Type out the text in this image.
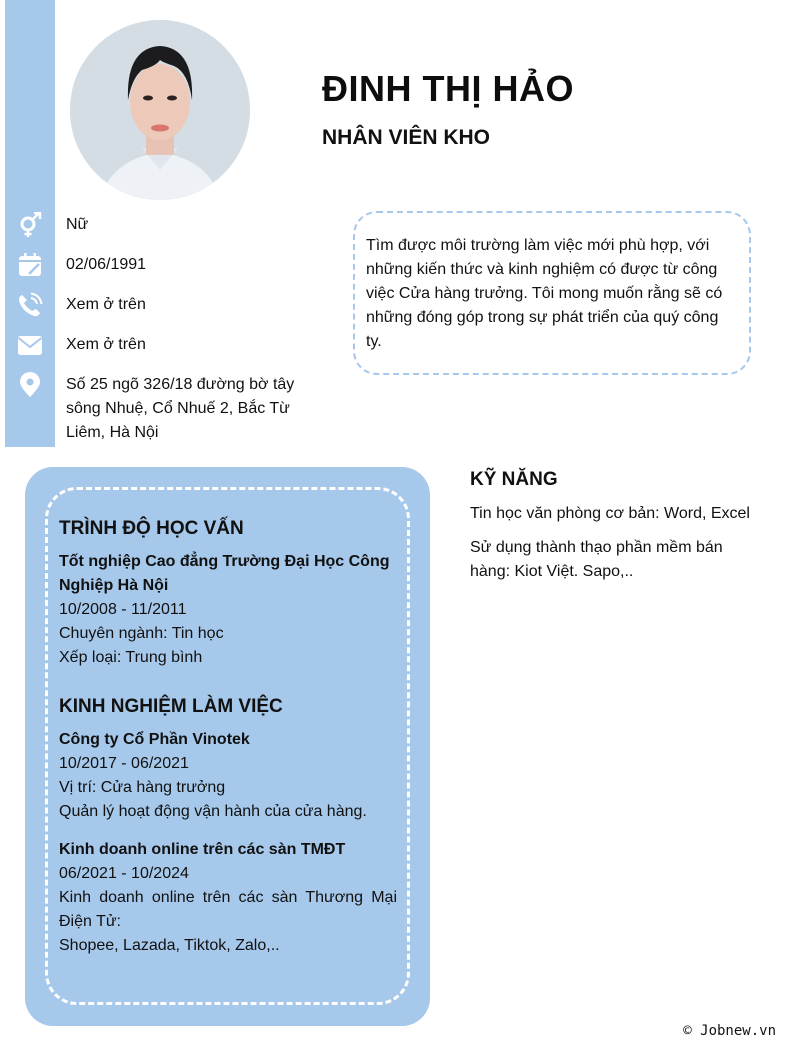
ĐINH THỊ HẢO
NHÂN VIÊN KHO
Nữ
02/06/1991
Xem ở trên
Xem ở trên
Số 25 ngõ 326/18 đường bờ tây sông Nhuệ, Cổ Nhuế 2, Bắc Từ Liêm, Hà Nội
Tìm được môi trường làm việc mới phù hợp, với những kiến thức và kinh nghiệm có được từ công việc Cửa hàng trưởng. Tôi mong muốn rằng sẽ có những đóng góp trong sự phát triển của quý công ty.
TRÌNH ĐỘ HỌC VẤN
Tốt nghiệp Cao đẳng Trường Đại Học Công Nghiệp Hà Nội
10/2008 - 11/2011
Chuyên ngành: Tin học
Xếp loại: Trung bình
KINH NGHIỆM LÀM VIỆC
Công ty Cổ Phần Vinotek
10/2017 - 06/2021
Vị trí: Cửa hàng trưởng
Quản lý hoạt động vận hành của cửa hàng.
Kinh doanh online trên các sàn TMĐT
06/2021 - 10/2024
Kinh doanh online trên các sàn Thương Mại Điện Tử:
Shopee, Lazada, Tiktok, Zalo,..
KỸ NĂNG
Tin học văn phòng cơ bản: Word, Excel
Sử dụng thành thạo phần mềm bán hàng: Kiot Việt. Sapo,..
© Jobnew.vn
